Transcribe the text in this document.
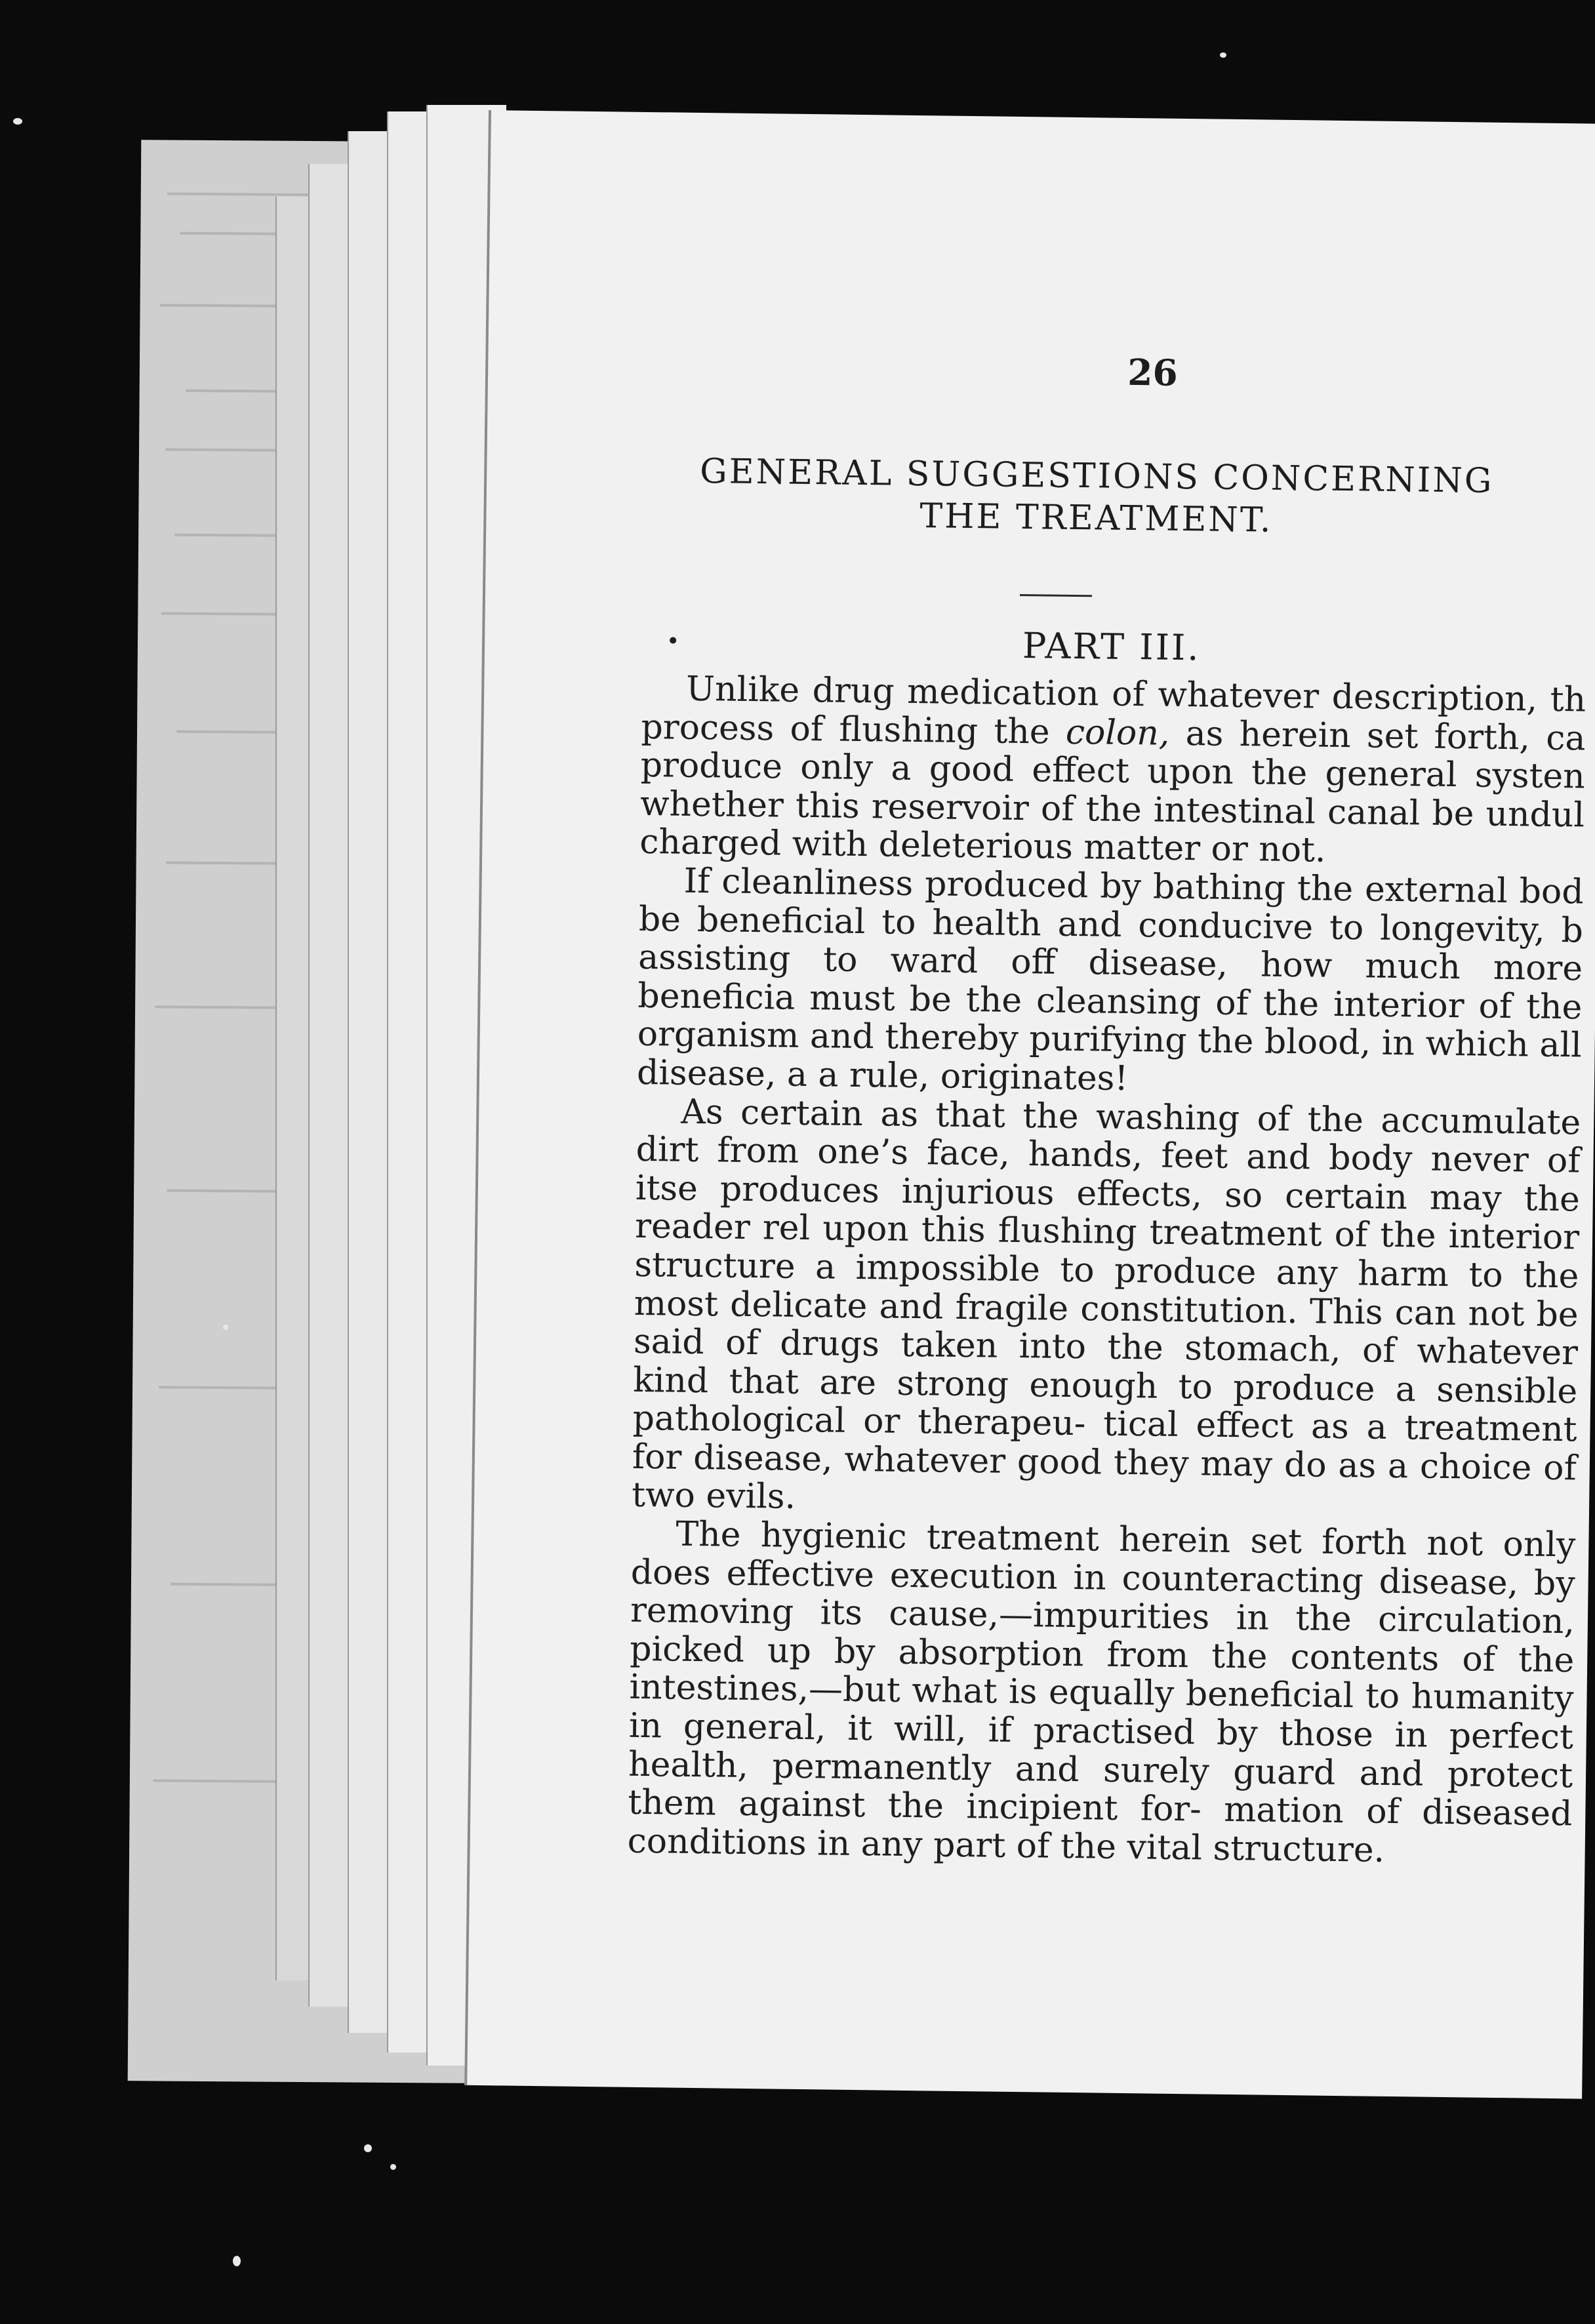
26
GENERAL SUGGESTIONS CONCERNING
THE TREATMENT.
PART III.

Unlike drug medication of whatever description, th process of flushing the colon, as herein set forth, ca produce only a good effect upon the general systen whether this reservoir of the intestinal canal be undul charged with deleterious matter or not.

If cleanliness produced by bathing the external bod be beneficial to health and conducive to longevity, b assisting to ward off disease, how much more beneficia must be the cleansing of the interior of the organism and thereby purifying the blood, in which all disease, a a rule, originates!

As certain as that the washing of the accumulate dirt from one’s face, hands, feet and body never of itse produces injurious effects, so certain may the reader rel upon this flushing treatment of the interior structure a impossible to produce any harm to the most delicate and fragile constitution. This can not be said of drugs taken into the stomach, of whatever kind that are strong enough to produce a sensible pathological or therapeu- tical effect as a treatment for disease, whatever good they may do as a choice of two evils.

The hygienic treatment herein set forth not only does effective execution in counteracting disease, by removing its cause,—impurities in the circulation, picked up by absorption from the contents of the intestines,—but what is equally beneficial to humanity in general, it will, if practised by those in perfect health, permanently and surely guard and protect them against the incipient for- mation of diseased conditions in any part of the vital structure.
